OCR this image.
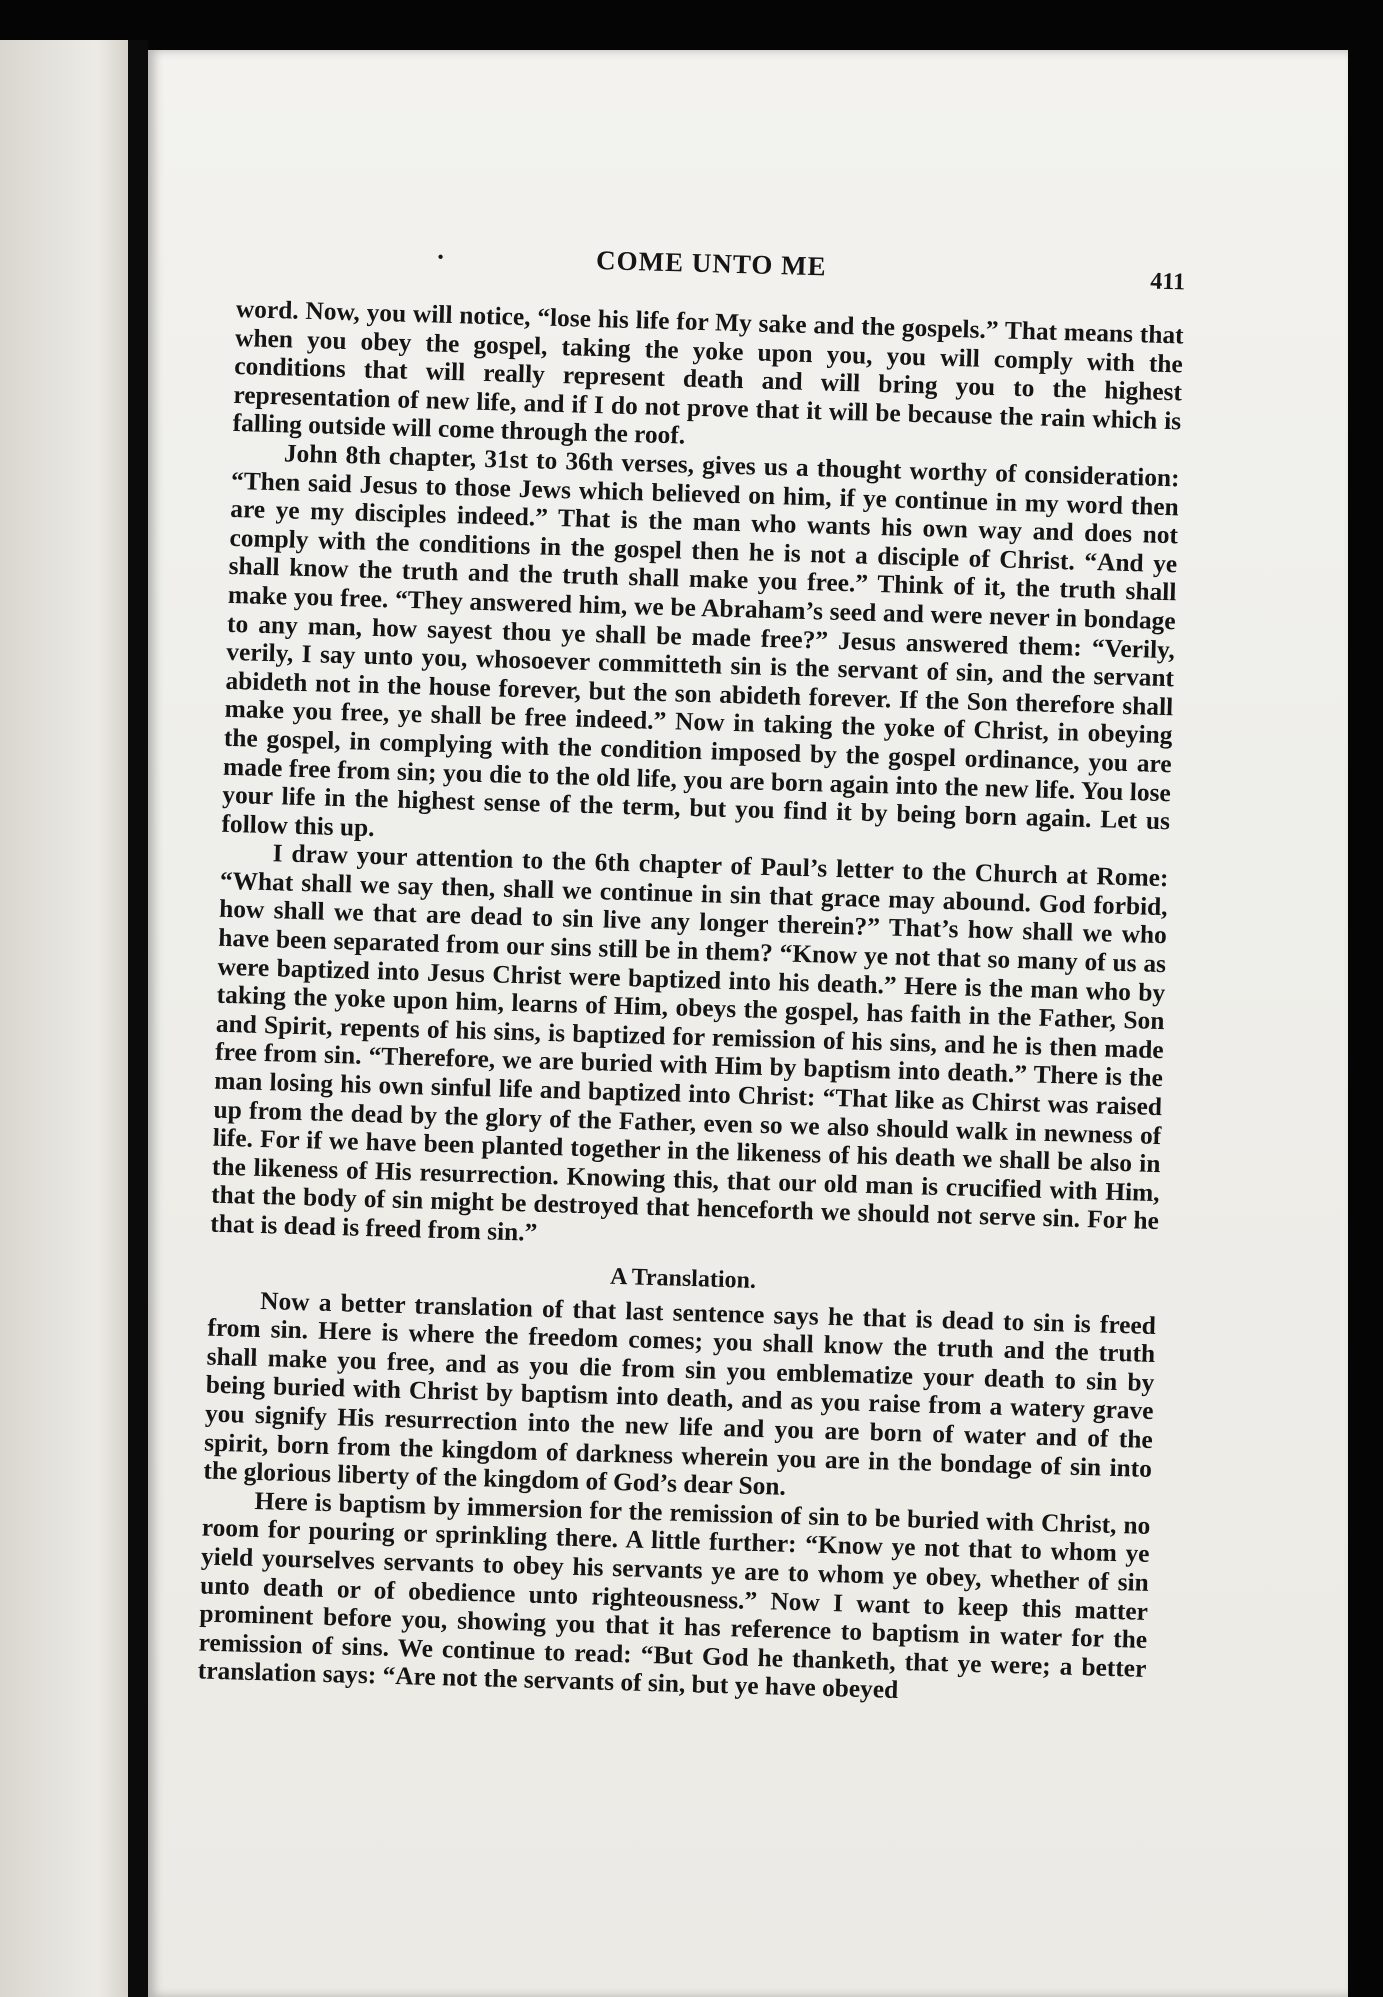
•	COME UNTO ME
411

word. Now, you will notice, “lose his life for My sake and the gospels.” That means that when you obey the gospel, taking the yoke upon you, you will comply with the conditions that will really represent death and will bring you to the highest representation of new life, and if I do not prove that it will be because the rain which is falling outside will come through the roof.

John 8th chapter, 31st to 36th verses, gives us a thought worthy of consideration: “Then said Jesus to those Jews which believed on him, if ye continue in my word then are ye my disciples indeed.” That is the man who wants his own way and does not comply with the conditions in the gospel then he is not a disciple of Christ. “And ye shall know the truth and the truth shall make you free.” Think of it, the truth shall make you free. “They answered him, we be Abraham’s seed and were never in bondage to any man, how sayest thou ye shall be made free?” Jesus answered them: “Verily, verily, I say unto you, whosoever committeth sin is the servant of sin, and the servant abideth not in the house forever, but the son abideth forever. If the Son therefore shall make you free, ye shall be free indeed.” Now in taking the yoke of Christ, in obeying the gospel, in complying with the condition imposed by the gospel ordinance, you are made free from sin; you die to the old life, you are born again into the new life. You lose your life in the highest sense of the term, but you find it by being born again. Let us follow this up.

I draw your attention to the 6th chapter of Paul’s letter to the Church at Rome: “What shall we say then, shall we continue in sin that grace may abound. God forbid, how shall we that are dead to sin live any longer therein?” That’s how shall we who have been separated from our sins still be in them? “Know ye not that so many of us as were baptized into Jesus Christ were baptized into his death.” Here is the man who by taking the yoke upon him, learns of Him, obeys the gospel, has faith in the Father, Son and Spirit, repents of his sins, is baptized for remission of his sins, and he is then made free from sin. “Therefore, we are buried with Him by baptism into death.” There is the man losing his own sinful life and baptized into Christ: “That like as Chirst was raised up from the dead by the glory of the Father, even so we also should walk in newness of life. For if we have been planted together in the likeness of his death we shall be also in the likeness of His resurrection. Knowing this, that our old man is crucified with Him, that the body of sin might be destroyed that henceforth we should not serve sin. For he that is dead is freed from sin.”

A Translation.

Now a better translation of that last sentence says he that is dead to sin is freed from sin. Here is where the freedom comes; you shall know the truth and the truth shall make you free, and as you die from sin you emblematize your death to sin by being buried with Christ by baptism into death, and as you raise from a watery grave you signify His resurrection into the new life and you are born of water and of the spirit, born from the kingdom of darkness wherein you are in the bondage of sin into the glorious liberty of the kingdom of God’s dear Son.

Here is baptism by immersion for the remission of sin to be buried with Christ, no room for pouring or sprinkling there. A little further: “Know ye not that to whom ye yield yourselves servants to obey his servants ye are to whom ye obey, whether of sin unto death or of obedience unto righteousness.” Now I want to keep this matter prominent before you, showing you that it has reference to baptism in water for the remission of sins. We continue to read: “But God he thanketh, that ye were; a better translation says: “Are not the servants of sin, but ye have obeyed
